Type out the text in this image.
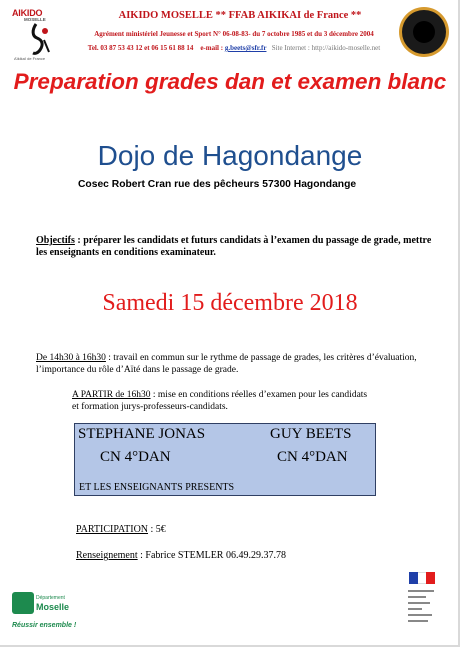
AIKIDO
MOSELLE
Aïkikaï de France
AIKIDO MOSELLE ** FFAB AIKIKAI de France **
Agrément ministériel Jeunesse et Sport N° 06-08-83- du 7 octobre 1985 et du 3 décembre 2004
Tel. 03 87 53 43 12 et 06 15 61 88 14 e-mail : g.beets@sfr.fr Site Internet : http://aikido-moselle.net
Preparation grades dan et examen blanc
Dojo de Hagondange
Cosec Robert Cran rue des pêcheurs 57300 Hagondange
Objectifs : préparer les candidats et futurs candidats à l’examen du passage de grade, mettre les enseignants en conditions examinateur.
Samedi 15 décembre 2018
De 14h30 à 16h30 : travail en commun sur le rythme de passage de grades, les critères d’évaluation, l’importance du rôle d’Aïté dans le passage de grade.
A PARTIR de 16h30 : mise en conditions réelles d’examen pour les candidats et formation jurys-professeurs-candidats.
STEPHANE JONAS
CN 4°DAN
GUY BEETS
CN 4°DAN
ET LES ENSEIGNANTS PRESENTS
PARTICIPATION : 5€
Renseignement : Fabrice STEMLER 06.49.29.37.78
Département
Moselle
Réussir ensemble !
